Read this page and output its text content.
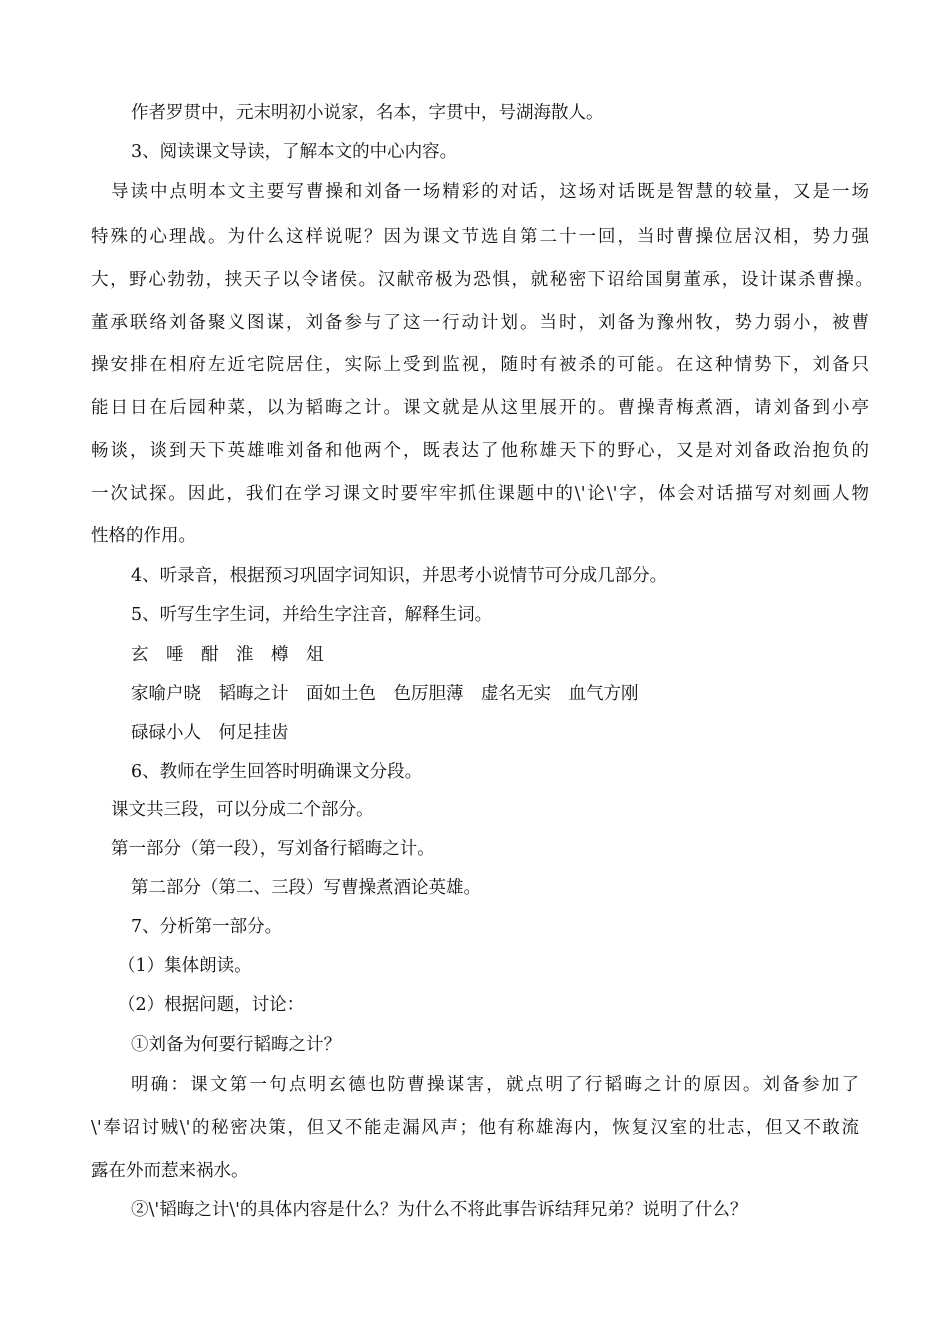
作者罗贯中，元末明初小说家，名本，字贯中，号湖海散人。
3、阅读课文导读，了解本文的中心内容。
导读中点明本文主要写曹操和刘备一场精彩的对话，这场对话既是智慧的较量，又是一场
特殊的心理战。为什么这样说呢？因为课文节选自第二十一回，当时曹操位居汉相，势力强
大，野心勃勃，挟天子以令诸侯。汉献帝极为恐惧，就秘密下诏给国舅董承，设计谋杀曹操。
董承联络刘备聚义图谋，刘备参与了这一行动计划。当时，刘备为豫州牧，势力弱小，被曹
操安排在相府左近宅院居住，实际上受到监视，随时有被杀的可能。在这种情势下，刘备只
能日日在后园种菜，以为韬晦之计。课文就是从这里展开的。曹操青梅煮酒，请刘备到小亭
畅谈，谈到天下英雄唯刘备和他两个，既表达了他称雄天下的野心，又是对刘备政治抱负的
一次试探。因此，我们在学习课文时要牢牢抓住课题中的\'论\'字，体会对话描写对刻画人物
性格的作用。
4、听录音，根据预习巩固字词知识，并思考小说情节可分成几部分。
5、听写生字生词，并给生字注音，解释生词。
玄　唾　酣　淮　樽　俎
家喻户晓　韬晦之计　面如土色　色厉胆薄　虚名无实　血气方刚
碌碌小人　何足挂齿
6、教师在学生回答时明确课文分段。
课文共三段，可以分成二个部分。
第一部分（第一段），写刘备行韬晦之计。
第二部分（第二、三段）写曹操煮酒论英雄。
7、分析第一部分。
（1）集体朗读。
（2）根据问题，讨论：
①刘备为何要行韬晦之计？
明确：课文第一句点明玄德也防曹操谋害，就点明了行韬晦之计的原因。刘备参加了
\'奉诏讨贼\'的秘密决策，但又不能走漏风声；他有称雄海内，恢复汉室的壮志，但又不敢流
露在外而惹来祸水。
②\'韬晦之计\'的具体内容是什么？为什么不将此事告诉结拜兄弟？说明了什么？
